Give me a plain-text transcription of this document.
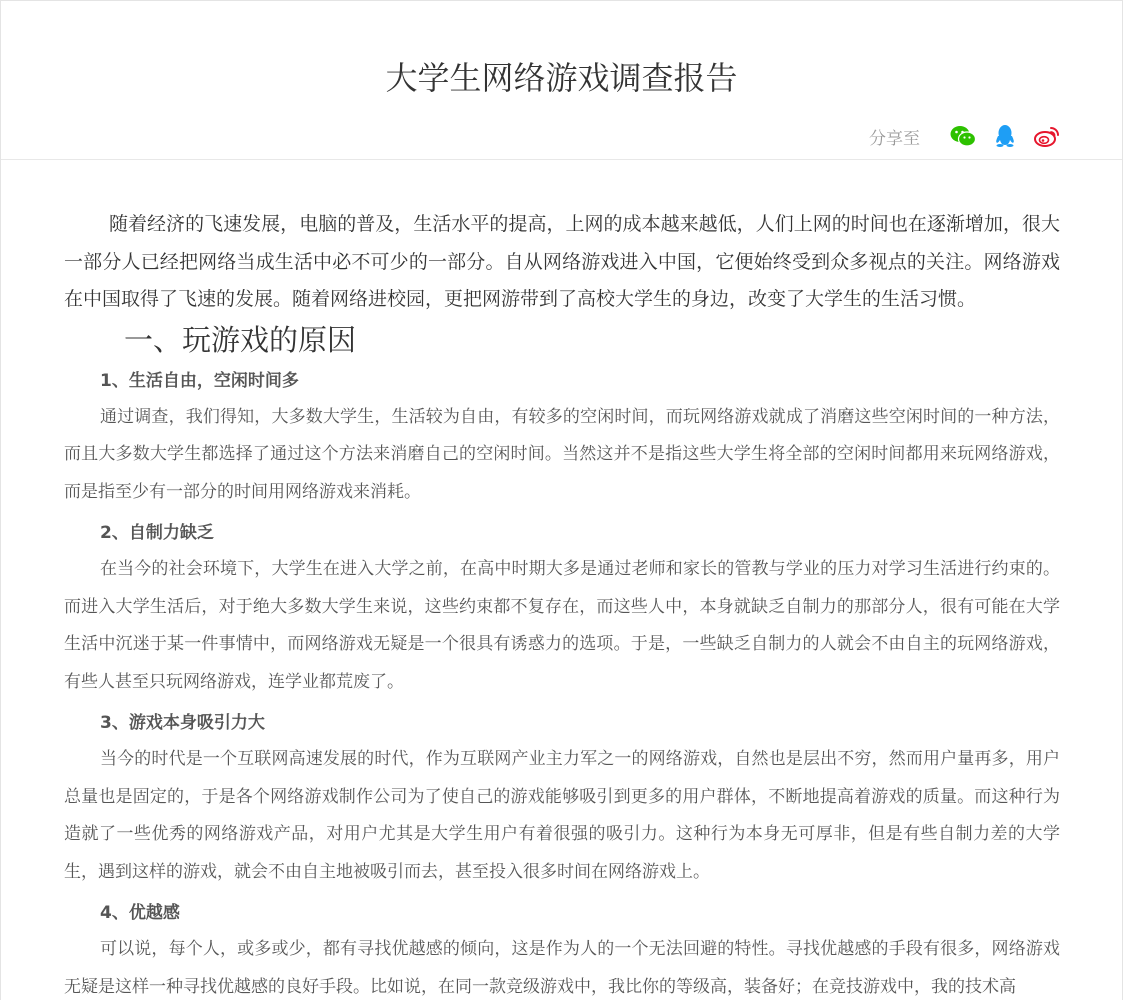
大学生网络游戏调查报告
分享至

随着经济的飞速发展，电脑的普及，生活水平的提高，上网的成本越来越低，人们上网的时间也在逐渐增加，很大一部分人已经把网络当成生活中必不可少的一部分。自从网络游戏进入中国，它便始终受到众多视点的关注。网络游戏在中国取得了飞速的发展。随着网络进校园，更把网游带到了高校大学生的身边，改变了大学生的生活习惯。

一、玩游戏的原因
1、生活自由，空闲时间多

通过调查，我们得知，大多数大学生，生活较为自由，有较多的空闲时间，而玩网络游戏就成了消磨这些空闲时间的一种方法，而且大多数大学生都选择了通过这个方法来消磨自己的空闲时间。当然这并不是指这些大学生将全部的空闲时间都用来玩网络游戏，而是指至少有一部分的时间用网络游戏来消耗。

2、自制力缺乏

在当今的社会环境下，大学生在进入大学之前，在高中时期大多是通过老师和家长的管教与学业的压力对学习生活进行约束的。而进入大学生活后，对于绝大多数大学生来说，这些约束都不复存在，而这些人中，本身就缺乏自制力的那部分人，很有可能在大学生活中沉迷于某一件事情中，而网络游戏无疑是一个很具有诱惑力的选项。于是，一些缺乏自制力的人就会不由自主的玩网络游戏，有些人甚至只玩网络游戏，连学业都荒废了。

3、游戏本身吸引力大

当今的时代是一个互联网高速发展的时代，作为互联网产业主力军之一的网络游戏，自然也是层出不穷，然而用户量再多，用户总量也是固定的，于是各个网络游戏制作公司为了使自己的游戏能够吸引到更多的用户群体，不断地提高着游戏的质量。而这种行为造就了一些优秀的网络游戏产品，对用户尤其是大学生用户有着很强的吸引力。这种行为本身无可厚非，但是有些自制力差的大学生，遇到这样的游戏，就会不由自主地被吸引而去，甚至投入很多时间在网络游戏上。

4、优越感

可以说，每个人，或多或少，都有寻找优越感的倾向，这是作为人的一个无法回避的特性。寻找优越感的手段有很多，网络游戏无疑是这样一种寻找优越感的良好手段。比如说，在同一款竞级游戏中，我比你的等级高，装备好；在竞技游戏中，我的技术高
